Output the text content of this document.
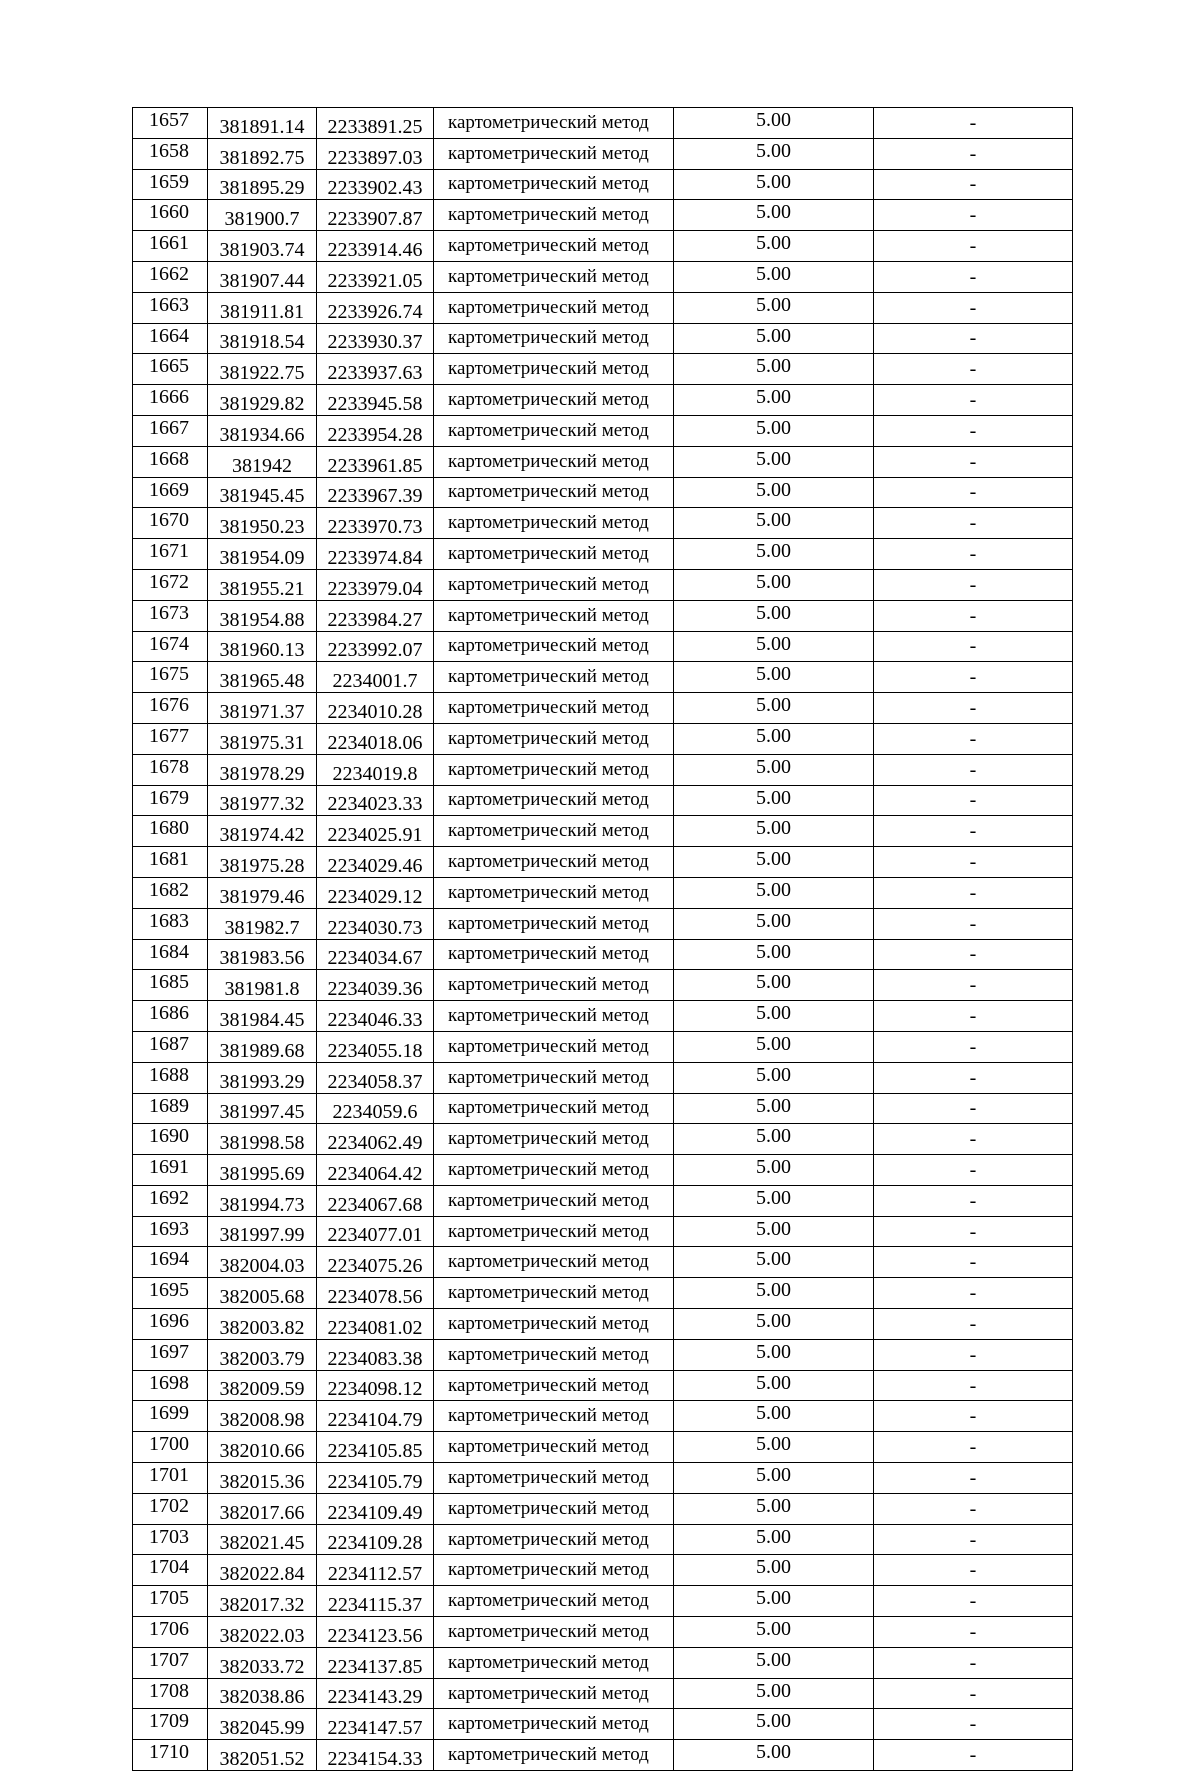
1657	381891.14	2233891.25	картометрический метод	5.00	-
1658	381892.75	2233897.03	картометрический метод	5.00	-
1659	381895.29	2233902.43	картометрический метод	5.00	-
1660	381900.7	2233907.87	картометрический метод	5.00	-
1661	381903.74	2233914.46	картометрический метод	5.00	-
1662	381907.44	2233921.05	картометрический метод	5.00	-
1663	381911.81	2233926.74	картометрический метод	5.00	-
1664	381918.54	2233930.37	картометрический метод	5.00	-
1665	381922.75	2233937.63	картометрический метод	5.00	-
1666	381929.82	2233945.58	картометрический метод	5.00	-
1667	381934.66	2233954.28	картометрический метод	5.00	-
1668	381942	2233961.85	картометрический метод	5.00	-
1669	381945.45	2233967.39	картометрический метод	5.00	-
1670	381950.23	2233970.73	картометрический метод	5.00	-
1671	381954.09	2233974.84	картометрический метод	5.00	-
1672	381955.21	2233979.04	картометрический метод	5.00	-
1673	381954.88	2233984.27	картометрический метод	5.00	-
1674	381960.13	2233992.07	картометрический метод	5.00	-
1675	381965.48	2234001.7	картометрический метод	5.00	-
1676	381971.37	2234010.28	картометрический метод	5.00	-
1677	381975.31	2234018.06	картометрический метод	5.00	-
1678	381978.29	2234019.8	картометрический метод	5.00	-
1679	381977.32	2234023.33	картометрический метод	5.00	-
1680	381974.42	2234025.91	картометрический метод	5.00	-
1681	381975.28	2234029.46	картометрический метод	5.00	-
1682	381979.46	2234029.12	картометрический метод	5.00	-
1683	381982.7	2234030.73	картометрический метод	5.00	-
1684	381983.56	2234034.67	картометрический метод	5.00	-
1685	381981.8	2234039.36	картометрический метод	5.00	-
1686	381984.45	2234046.33	картометрический метод	5.00	-
1687	381989.68	2234055.18	картометрический метод	5.00	-
1688	381993.29	2234058.37	картометрический метод	5.00	-
1689	381997.45	2234059.6	картометрический метод	5.00	-
1690	381998.58	2234062.49	картометрический метод	5.00	-
1691	381995.69	2234064.42	картометрический метод	5.00	-
1692	381994.73	2234067.68	картометрический метод	5.00	-
1693	381997.99	2234077.01	картометрический метод	5.00	-
1694	382004.03	2234075.26	картометрический метод	5.00	-
1695	382005.68	2234078.56	картометрический метод	5.00	-
1696	382003.82	2234081.02	картометрический метод	5.00	-
1697	382003.79	2234083.38	картометрический метод	5.00	-
1698	382009.59	2234098.12	картометрический метод	5.00	-
1699	382008.98	2234104.79	картометрический метод	5.00	-
1700	382010.66	2234105.85	картометрический метод	5.00	-
1701	382015.36	2234105.79	картометрический метод	5.00	-
1702	382017.66	2234109.49	картометрический метод	5.00	-
1703	382021.45	2234109.28	картометрический метод	5.00	-
1704	382022.84	2234112.57	картометрический метод	5.00	-
1705	382017.32	2234115.37	картометрический метод	5.00	-
1706	382022.03	2234123.56	картометрический метод	5.00	-
1707	382033.72	2234137.85	картометрический метод	5.00	-
1708	382038.86	2234143.29	картометрический метод	5.00	-
1709	382045.99	2234147.57	картометрический метод	5.00	-
1710	382051.52	2234154.33	картометрический метод	5.00	-
